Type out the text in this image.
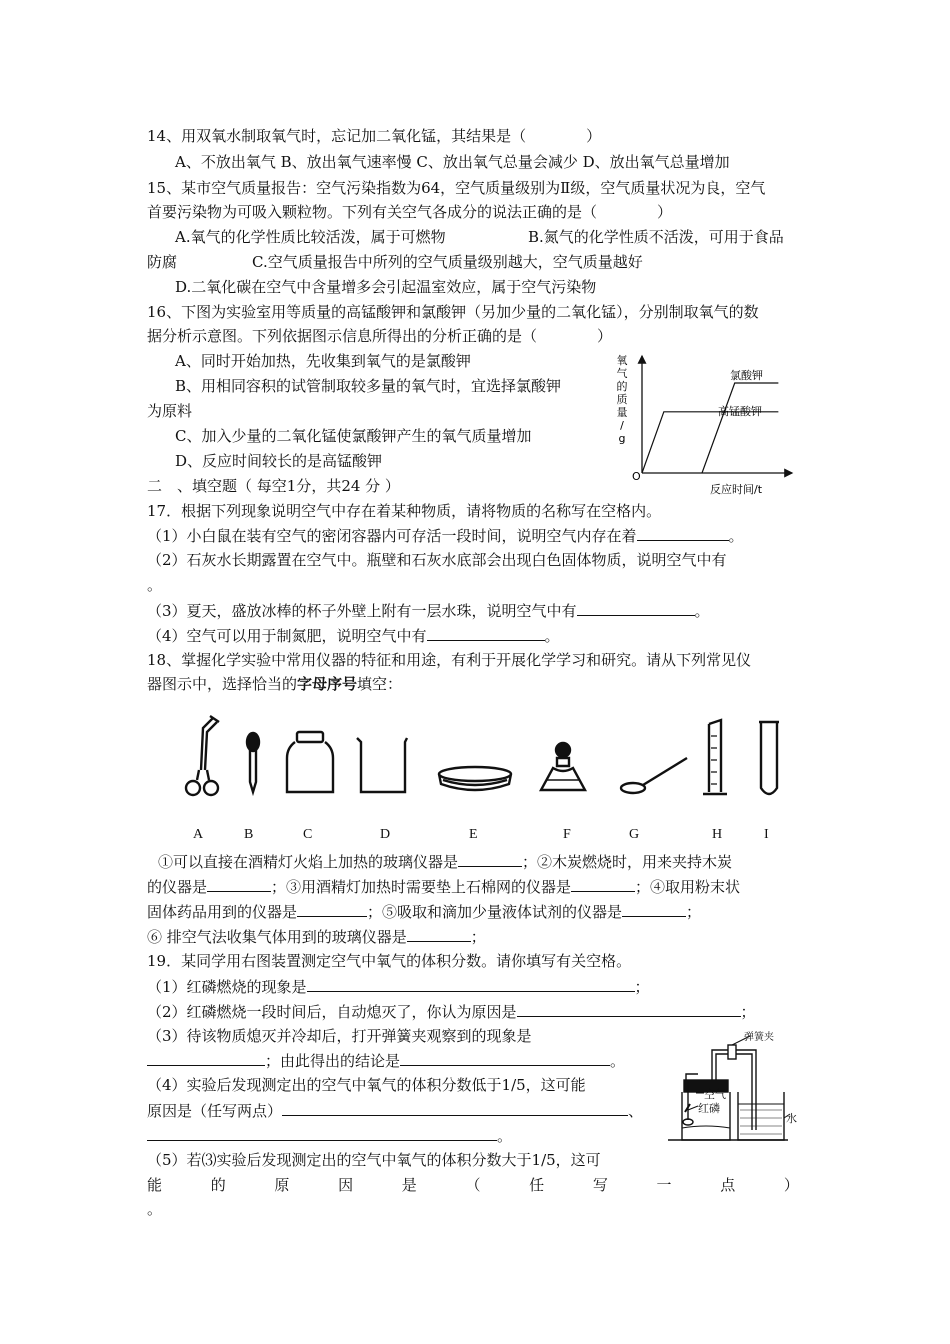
14、用双氧水制取氧气时，忘记加二氧化锰，其结果是（　　　　）
A、不放出氧气 B、放出氧气速率慢 C、放出氧气总量会减少 D、放出氧气总量增加
15、某市空气质量报告：空气污染指数为64，空气质量级别为Ⅱ级，空气质量状况为良，空气
首要污染物为可吸入颗粒物。下列有关空气各成分的说法正确的是（　　　　）
A.氧气的化学性质比较活泼，属于可燃物	B.氮气的化学性质不活泼，可用于食品
防腐	C.空气质量报告中所列的空气质量级别越大，空气质量越好
D.二氧化碳在空气中含量增多会引起温室效应，属于空气污染物
16、下图为实验室用等质量的高锰酸钾和氯酸钾（另加少量的二氧化锰），分别制取氧气的数
据分析示意图。下列依据图示信息所得出的分析正确的是（　　　　）
A、同时开始加热，先收集到氧气的是氯酸钾
B、用相同容积的试管制取较多量的氧气时，宜选择氯酸钾
为原料
C、加入少量的二氧化锰使氯酸钾产生的氧气质量增加
D、反应时间较长的是高锰酸钾
氧
气
的
质
量
/
g
O
反应时间/t
氯酸钾
高锰酸钾
二　、填空题（ 每空1分，共24 分 ）
17．根据下列现象说明空气中存在着某种物质，请将物质的名称写在空格内。
（1）小白鼠在装有空气的密闭容器内可存活一段时间，说明空气内存在着	。
（2）石灰水长期露置在空气中。瓶壁和石灰水底部会出现白色固体物质，说明空气中有
。
（3）夏天，盛放冰棒的杯子外壁上附有一层水珠，说明空气中有	。
（4）空气可以用于制氮肥，说明空气中有	。
18、掌握化学实验中常用仪器的特征和用途，有利于开展化学学习和研究。请从下列常见仪
器图示中，选择恰当的字母序号填空：
A	B	C	D	E	F	G	H	I
①可以直接在酒精灯火焰上加热的玻璃仪器是	；②木炭燃烧时，用来夹持木炭
的仪器是	；③用酒精灯加热时需要垫上石棉网的仪器是	；④取用粉末状
固体药品用到的仪器是	；⑤吸取和滴加少量液体试剂的仪器是	；
⑥ 排空气法收集气体用到的玻璃仪器是	；
19．某同学用右图装置测定空气中氧气的体积分数。请你填写有关空格。
（1）红磷燃烧的现象是	；
（2）红磷燃烧一段时间后，自动熄灭了，你认为原因是	；
（3）待该物质熄灭并冷却后，打开弹簧夹观察到的现象是
；由此得出的结论是	。
（4）实验后发现测定出的空气中氧气的体积分数低于1/5，这可能
原因是（任写两点）	、
。
（5）若⑶实验后发现测定出的空气中氧气的体积分数大于1/5，这可
能	的	原	因	是	（	任	写	一	点	）
。
弹簧夹
空气
红磷
水
